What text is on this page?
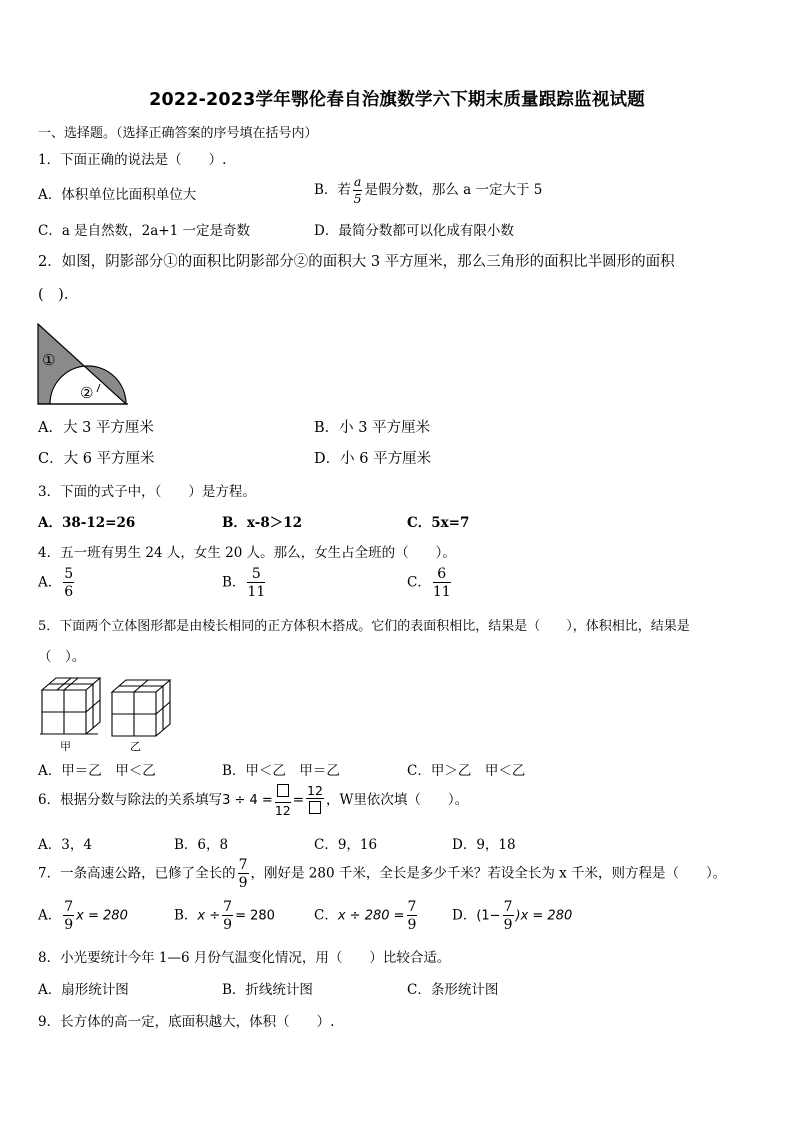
2022-2023学年鄂伦春自治旗数学六下期末质量跟踪监视试题
一、选择题。（选择正确答案的序号填在括号内）
1．下面正确的说法是（　　）.
A．体积单位比面积单位大	B．若 $\frac{a}{5}$ 是假分数，那么 a 一定大于 5
C．a 是自然数，2a+1 一定是奇数	D．最简分数都可以化成有限小数
2．如图，阴影部分①的面积比阴影部分②的面积大 3 平方厘米，那么三角形的面积比半圆形的面积
(　).
①
②
A．大 3 平方厘米	B．小 3 平方厘米
C．大 6 平方厘米	D．小 6 平方厘米
3．下面的式子中，（　　）是方程。
A．38-12=26	B．x-8＞12	C．5x=7
4．五一班有男生 24 人，女生 20 人。那么，女生占全班的（　　）。
A． $\frac{5}{6}$	B． $\frac{5}{11}$	C． $\frac{6}{11}$
5．下面两个立体图形都是由棱长相同的正方体积木搭成。它们的表面积相比，结果是（　　），体积相比，结果是
（　）。
甲	乙
A．甲＝乙　甲＜乙	B．甲＜乙　甲＝乙	C．甲＞乙　甲＜乙
6．根据分数与除法的关系填写3 ÷ 4 =
12
=
12
，W里依次填（　　）。
A．3，4	B．6，8	C．9，16	D．9，18
7．一条高速公路，已修了全长的 $\frac{7}{9}$ ，刚好是 280 千米，全长是多少千米？若设全长为 x 千米，则方程是（　　）。
A． $\frac{7}{9}$ x = 280	B．$x \div \frac{7}{9} = 280$	C．$x \div 280 = \frac{7}{9}$	D．$(1- \frac{7}{9} )x = 280$
8．小光要统计今年 1—6 月份气温变化情况，用（　　）比较合适。
A．扇形统计图	B．折线统计图	C．条形统计图
9．长方体的高一定，底面积越大，体积（　　）.
